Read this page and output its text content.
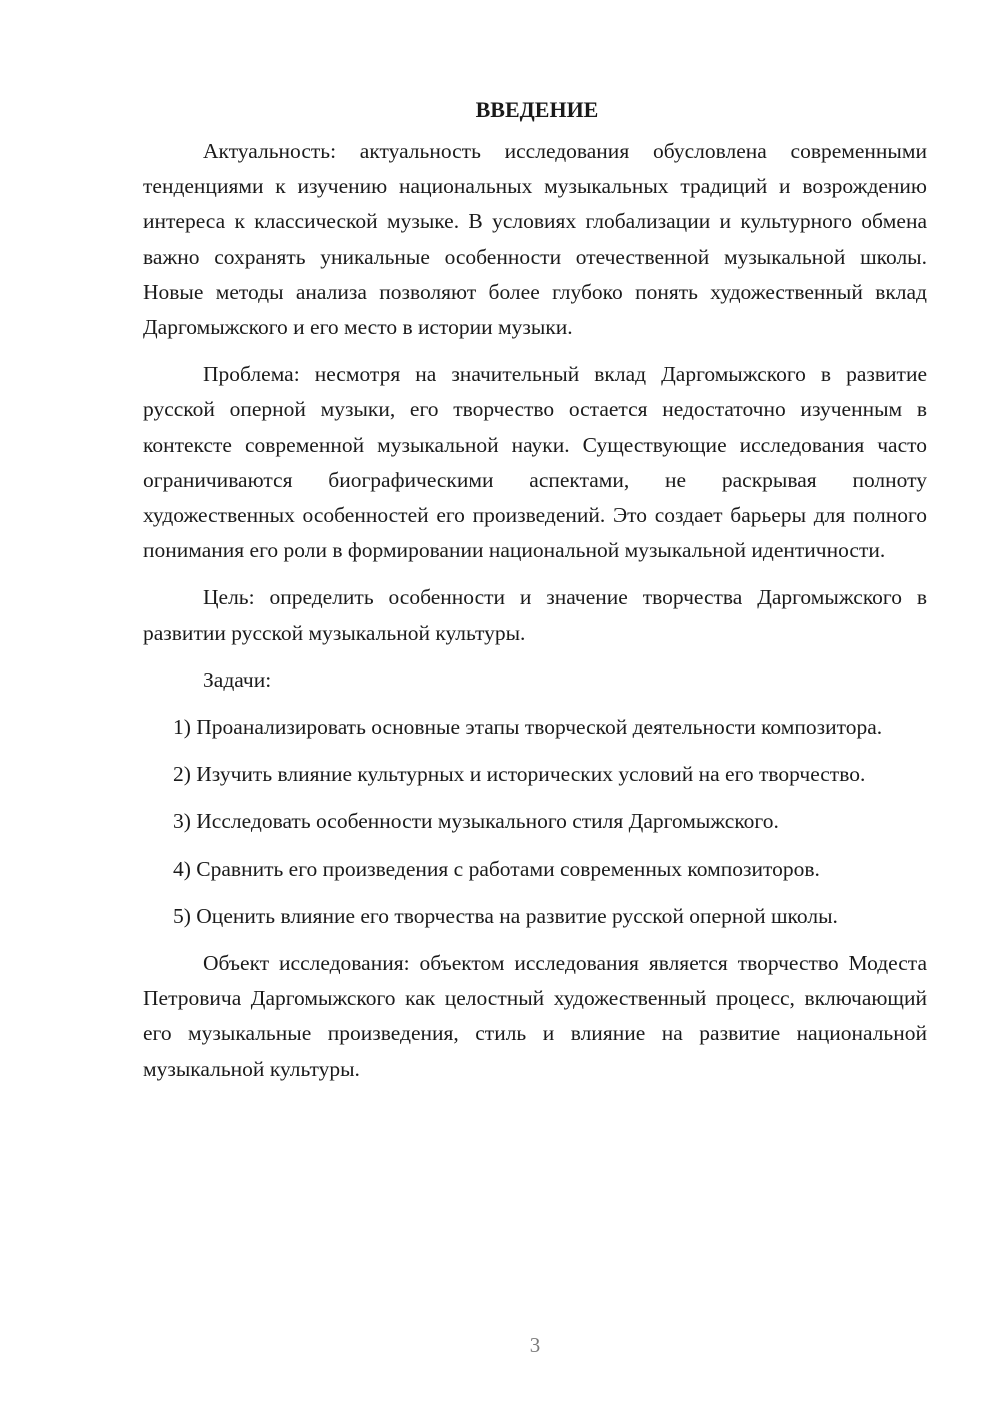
ВВЕДЕНИЕ

Актуальность: актуальность исследования обусловлена современными тенденциями к изучению национальных музыкальных традиций и возрождению интереса к классической музыке. В условиях глобализации и культурного обмена важно сохранять уникальные особенности отечественной музыкальной школы. Новые методы анализа позволяют более глубоко понять художественный вклад Даргомыжского и его место в истории музыки.

Проблема: несмотря на значительный вклад Даргомыжского в развитие русской оперной музыки, его творчество остается недостаточно изученным в контексте современной музыкальной науки. Существующие исследования часто ограничиваются биографическими аспектами, не раскрывая полноту художественных особенностей его произведений. Это создает барьеры для полного понимания его роли в формировании национальной музыкальной идентичности.

Цель: определить особенности и значение творчества Даргомыжского в развитии русской музыкальной культуры.

Задачи:

1) Проанализировать основные этапы творческой деятельности композитора.

2) Изучить влияние культурных и исторических условий на его творчество.

3) Исследовать особенности музыкального стиля Даргомыжского.

4) Сравнить его произведения с работами современных композиторов.

5) Оценить влияние его творчества на развитие русской оперной школы.

Объект исследования: объектом исследования является творчество Модеста Петровича Даргомыжского как целостный художественный процесс, включающий его музыкальные произведения, стиль и влияние на развитие национальной музыкальной культуры.

3
